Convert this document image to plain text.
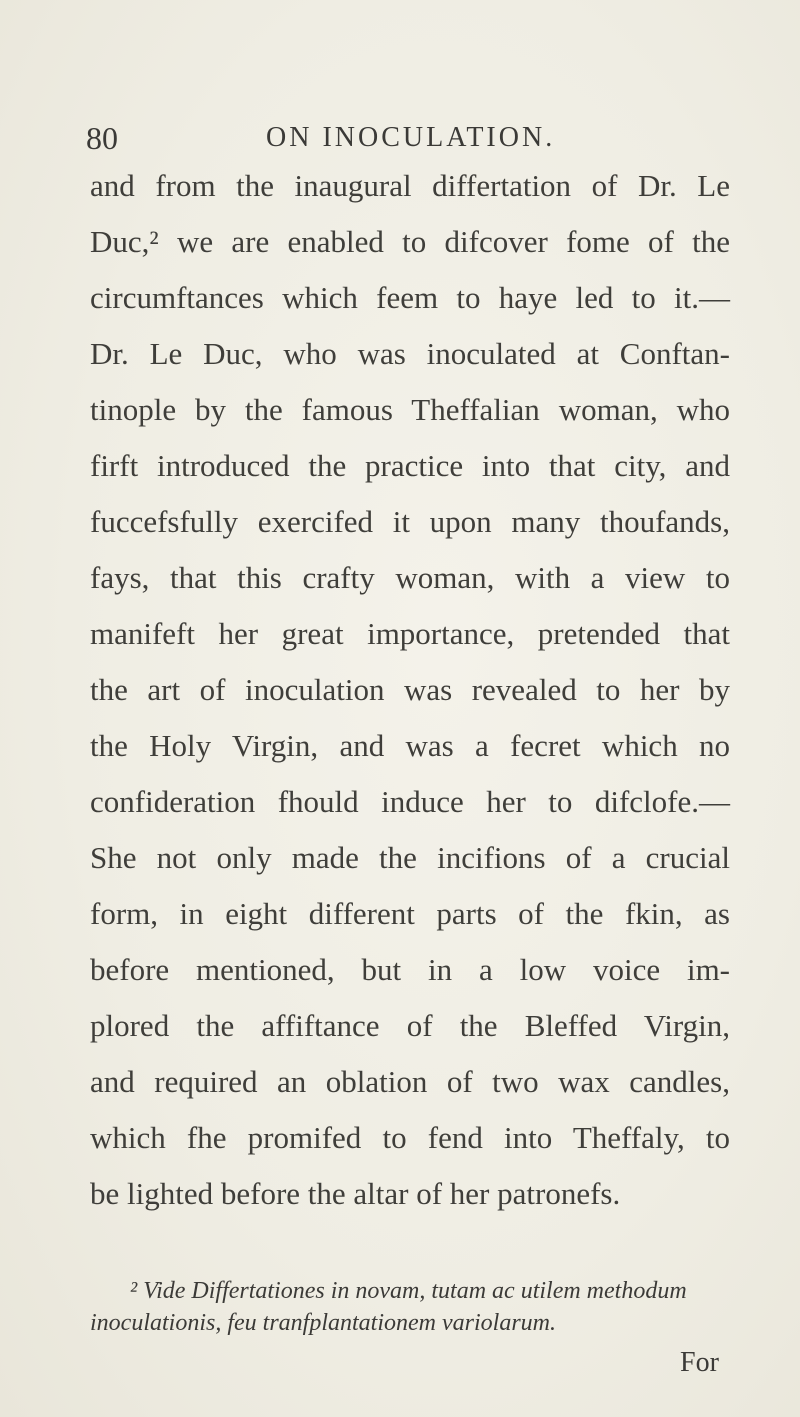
80	ON INOCULATION.
and from the inaugural differtation of Dr. Le
Duc,² we are enabled to difcover fome of the
circumftances which feem to haye led to it.—
Dr. Le Duc, who was inoculated at Conftan-
tinople by the famous Theffalian woman, who
firft introduced the practice into that city, and
fuccefsfully exercifed it upon many thoufands,
fays, that this crafty woman, with a view to
manifeft her great importance, pretended that
the art of inoculation was revealed to her by
the Holy Virgin, and was a fecret which no
confideration fhould induce her to difclofe.—
She not only made the incifions of a crucial
form, in eight different parts of the fkin, as
before mentioned, but in a low voice im-
plored the affiftance of the Bleffed Virgin,
and required an oblation of two wax candles,
which fhe promifed to fend into Theffaly, to
be lighted before the altar of her patronefs.
² Vide Differtationes in novam, tutam ac utilem methodum
inoculationis, feu tranfplantationem variolarum.
For
